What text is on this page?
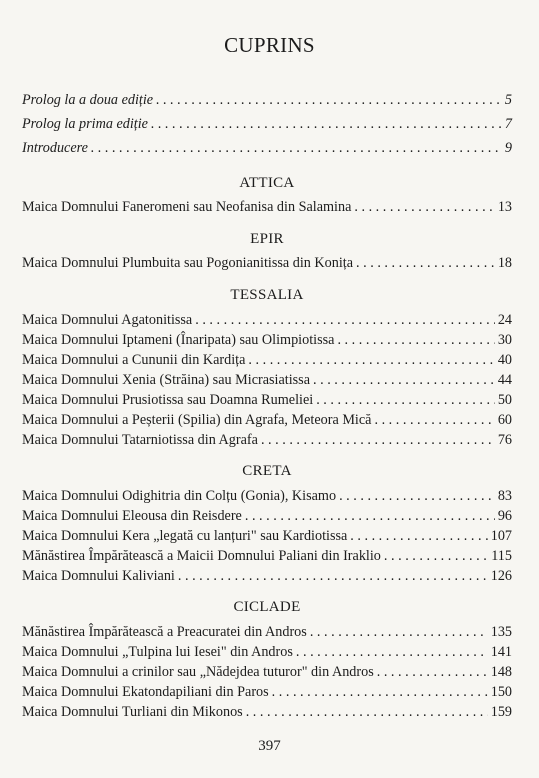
CUPRINS
Prolog la a doua ediție . . .	5
Prolog la prima ediție . . .	7
Introducere . . .	9
ATTICA
Maica Domnului Faneromeni sau Neofanisa din Salamina . . .	13
EPIR
Maica Domnului Plumbuita sau Pogonianitissa din Konița . . .	18
TESSALIA
Maica Domnului Agatonitissa . . .	24
Maica Domnului Iptameni (Înaripata) sau Olimpiotissa . . .	30
Maica Domnului a Cununii din Kardița . . .	40
Maica Domnului Xenia (Străina) sau Micrasiatissa . . .	44
Maica Domnului Prusiotissa sau Doamna Rumeliei . . .	50
Maica Domnului a Peșterii (Spilia) din Agrafa, Meteora Mică . . .	60
Maica Domnului Tatarniotissa din Agrafa . . .	76
CRETA
Maica Domnului Odighitria din Colțu (Gonia), Kisamo . . .	83
Maica Domnului Eleousa din Reisdere . . .	96
Maica Domnului Kera „legată cu lanțuri" sau Kardiotissa . . .	107
Mănăstirea Împărătească a Maicii Domnului Paliani din Iraklio . . .	115
Maica Domnului Kaliviani . . .	126
CICLADE
Mănăstirea Împărătească a Preacuratei din Andros . . .	135
Maica Domnului „Tulpina lui Iesei" din Andros . . .	141
Maica Domnului a crinilor sau „Nădejdea tuturor" din Andros . . .	148
Maica Domnului Ekatondapiliani din Paros . . .	150
Maica Domnului Turliani din Mikonos . . .	159
397
